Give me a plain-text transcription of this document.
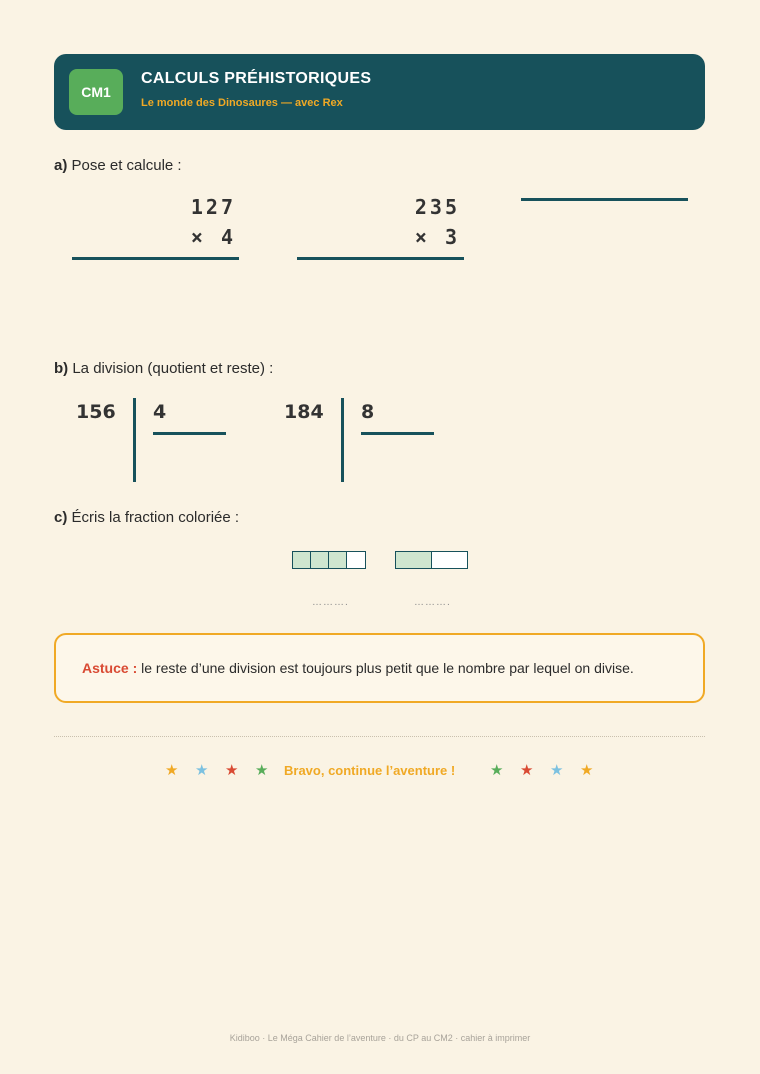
CM1
CALCULS PRÉHISTORIQUES
Le monde des Dinosaures — avec Rex
a) Pose et calcule :
127
× 4
235
× 3
b) La division (quotient et reste) :
156 4	184 8
c) Écris la fraction coloriée :
……….	……….
Astuce : le reste d’une division est toujours plus petit que le nombre par lequel on divise.
★ ★ ★ ★ Bravo, continue l’aventure ! ★ ★ ★ ★
Kidiboo · Le Méga Cahier de l’aventure · du CP au CM2 · cahier à imprimer
